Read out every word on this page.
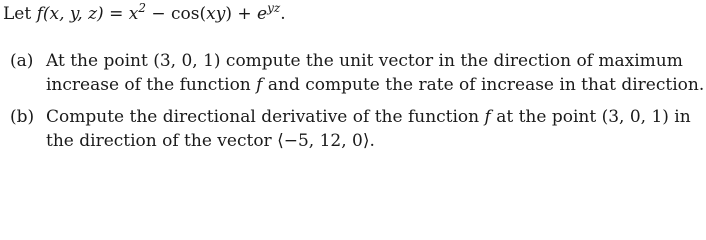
Let f(x, y, $z) = x^2 - \cos(xy) + e^{yz}$.
(a) At the point (3, 0, 1) compute the unit vector in the direction of maximum
increase of the function f and compute the rate of increase in that direction.
(b) Compute the directional derivative of the function f at the point (3, 0, 1) in
the direction of the vector ⟨−5, 12, 0⟩.
